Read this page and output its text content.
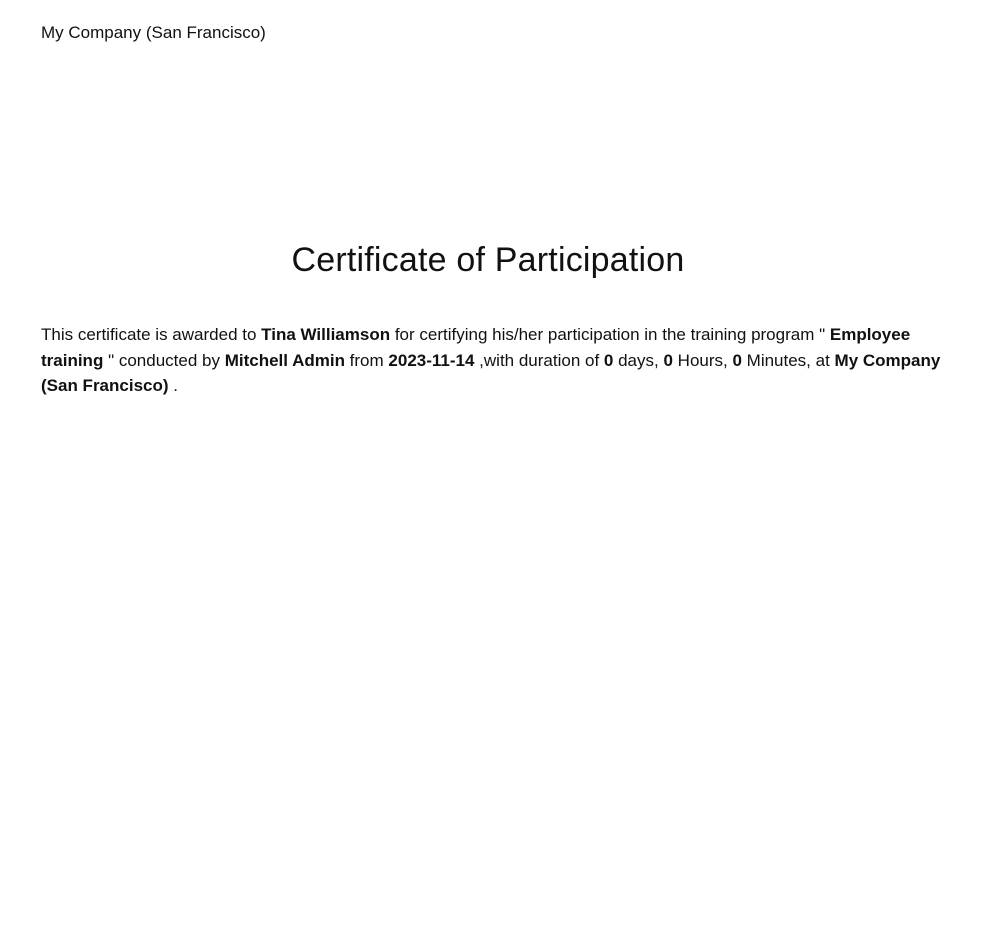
My Company (San Francisco)
Certificate of Participation

This certificate is awarded to Tina Williamson for certifying his/her participation in the training program " Employee training " conducted by Mitchell Admin from 2023-11-14 ,with duration of 0 days, 0 Hours, 0 Minutes, at My Company (San Francisco) .
